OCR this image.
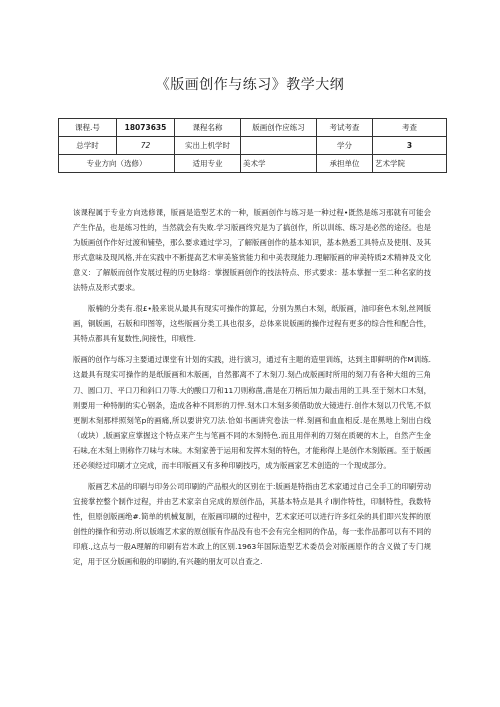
《版画创作与练习》教学大纲
课程.号	18073635	课程名称	版画创作应练习	考试考查	考查
总学时	72	实出上机学时		学分	3
专业方向（选修）		适用专业	美术学	承担单位	艺术学院

该课程属于专业方向选修课，版画是造型艺术的一种，版画创作与练习是一种过程•既然是练习那就有可能会产生作品，也是练习性的，当然就会有失败.学习版画终究是为了搞创作，所以训练、练习是必然的途径。也是为版画创作作好过渡和铺垫，那么要求通过学习，了解版画创作的基本知识，基本熟悉工具特点及使刖、及其形式意味及现风格,并在实践中不断提高艺术审美鉴赏能力和中美表现能力.理解版画的审美特质2术精神及文化意义：了解版而创作发展过程的历史脉络：掌握版画创作的技法特点、形式要求：基本掌握一至二种名家的技法特点及形式要求。

版楠的分类有.很£•般来说从最具有现实可操作的算起，分别为黑白木刻，纸版画，油印套色木刻,丝网版画，铜版画，石版和印图等，这些版画分类工具也很多，总体来说版画的操作过程有更多的综合性和配合性，其特点都具有复数性,间接性，印痕性.

版画的创作与练习主要通过课堂有计划的实践，进行演习，通过有主题的造里训练，达到主即鲜明的作M训练.这最具有现实可操作的是纸版画和木版画，自然都离不了木刻刀.刻凸成版画时所用的刻刀有各种大组的三角刀、圆口刀、平口刀和斜口刀等.大的酸口刀和11刀则称凿,凿是在刀柄后加力敲击用的工具.至于刻木口木刻，则要用一种特制的实心钢条，造成各种不同形的刀怦.刻木口木刻多须借助放大镜进行.创作木刻以刀代笔,不似更制木刻那样照刻笔p的画痛,所以要讲究刀法.恰如书画讲究卷法一样.刻画和血血相反.是在黑地上刻出白线（或块）,版画家应掌握这个特点来产生与笔画不同的木刻特色.而且用伴利的刀刻在质硬的木上，自然产生金石味,在木刻上则称作刀味与木味。木刻家善于运用和发挥木刻的特色，才能称得上是创作木刻版画。至于版画还必须经过印刷才立完成，而丰印版画又有多种印刷技巧，成为版画家艺术创造的一个现成部分。

版画艺术品的印刷与印务公司印刷的产品根火的区别在于:版画是特指由艺术家通过自己全手工的印刷劳动宜接掌控整个制作过程，并由艺术家亲自完成的原创作品，其基本特点是具彳I制作特性，印制特性，我数特性，但原创版画绝#.简单的机械复制，在版画印刷的过程中，艺术家还可以进行许多红朵的具们即兴发挥的原创性的操作和劳动.所以版端艺术家的原创版有作品没有也不会有完全相同的作品，每一张作品都可以有不同的印痕.,这点与一般A理解的印刷有岩木政上的区别.1963年国际造型艺术委员会对版画原作的含义做了专门规定，用于区分版画和般的印刷的,有兴趣的朋友可以自查之.
